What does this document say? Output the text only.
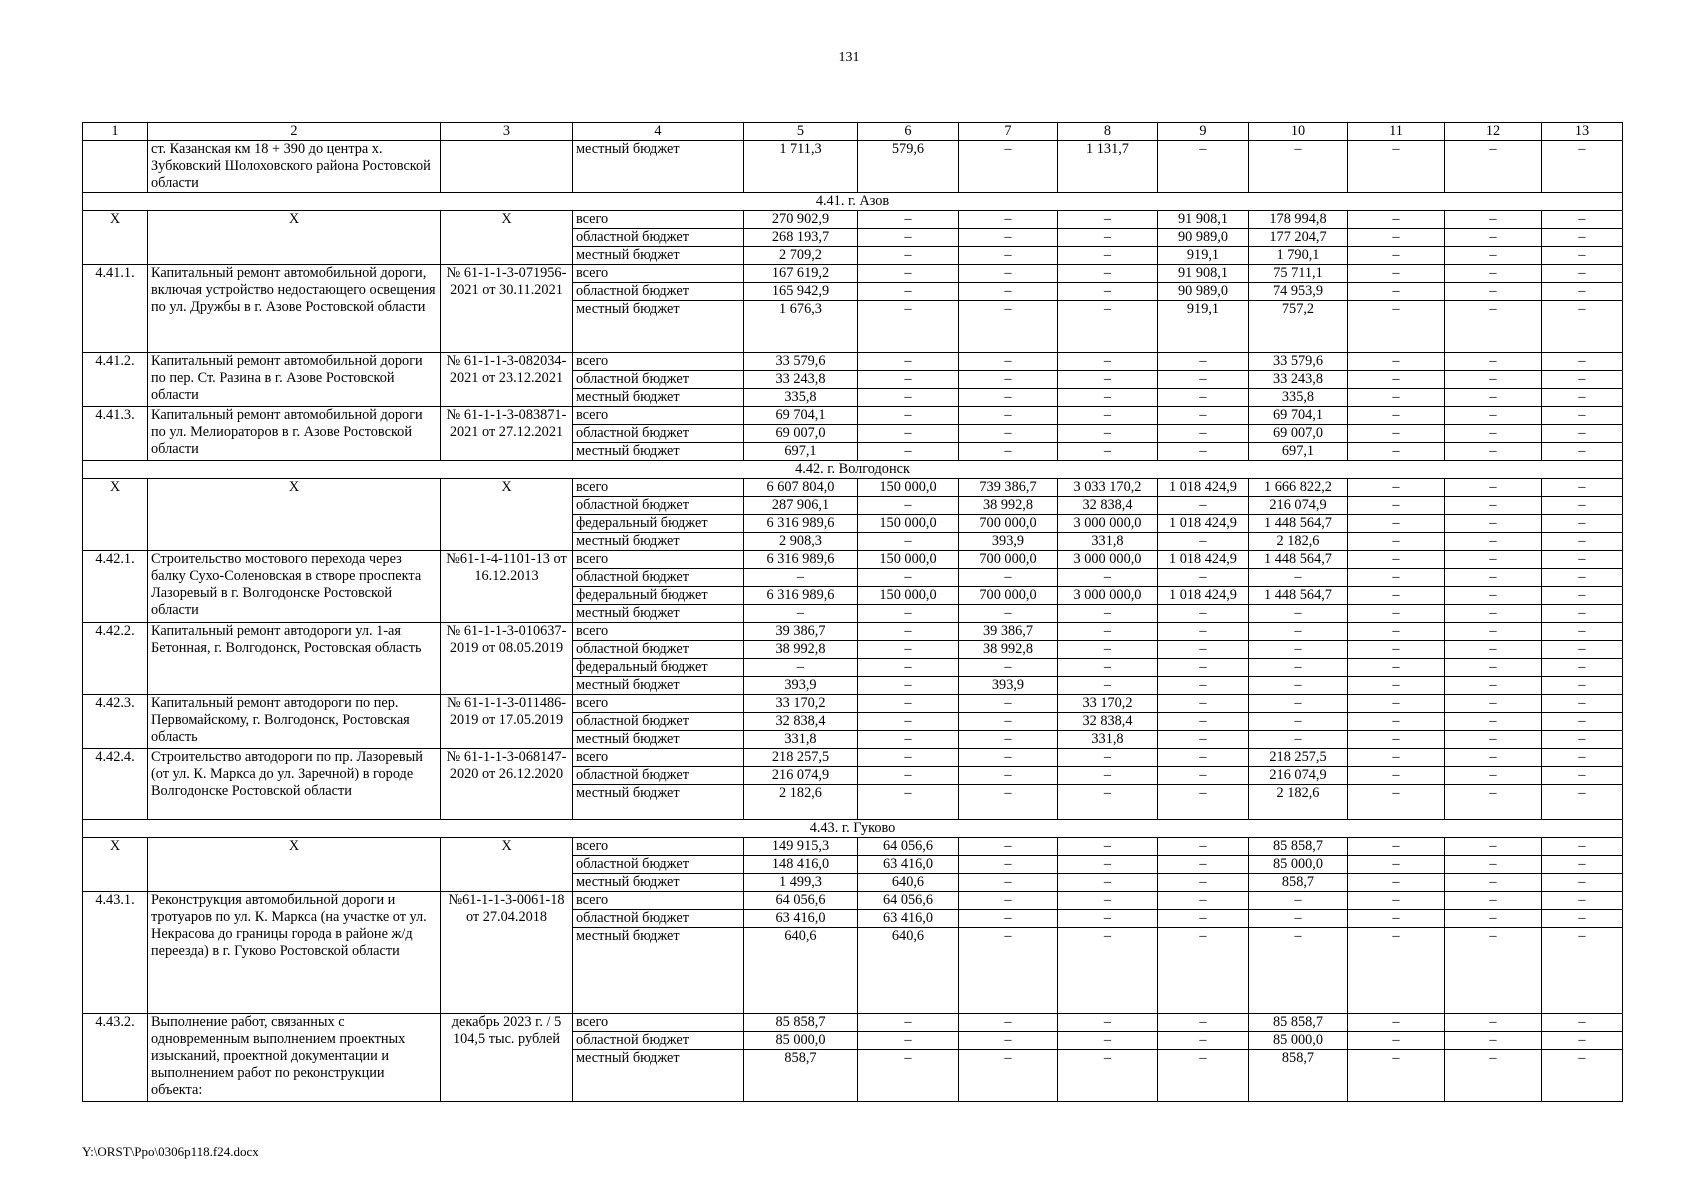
131
1	2	3	4	5	6	7	8	9	10	11	12	13
	ст. Казанская км 18 + 390 до центра х. Зубковский Шолоховского района Ростовской области		местный бюджет	1 711,3	579,6	–	1 131,7	–	–	–	–	–
4.41. г. Азов												
Х	Х	Х	всего	270 902,9	–	–	–	91 908,1	178 994,8	–	–	–
			областной бюджет	268 193,7	–	–	–	90 989,0	177 204,7	–	–	–
			местный бюджет	2 709,2	–	–	–	919,1	1 790,1	–	–	–
4.41.1.	Капитальный ремонт автомобильной дороги, включая устройство недостающего освещения по ул. Дружбы в г. Азове Ростовской области	№ 61-1-1-3-071956-2021 от 30.11.2021	всего	167 619,2	–	–	–	91 908,1	75 711,1	–	–	–
			областной бюджет	165 942,9	–	–	–	90 989,0	74 953,9	–	–	–
			местный бюджет	1 676,3	–	–	–	919,1	757,2	–	–	–
4.41.2.	Капитальный ремонт автомобильной дороги по пер. Ст. Разина в г. Азове Ростовской области	№ 61-1-1-3-082034-2021 от 23.12.2021	всего	33 579,6	–	–	–	–	33 579,6	–	–	–
			областной бюджет	33 243,8	–	–	–	–	33 243,8	–	–	–
			местный бюджет	335,8	–	–	–	–	335,8	–	–	–
4.41.3.	Капитальный ремонт автомобильной дороги по ул. Мелиораторов в г. Азове Ростовской области	№ 61-1-1-3-083871-2021 от 27.12.2021	всего	69 704,1	–	–	–	–	69 704,1	–	–	–
			областной бюджет	69 007,0	–	–	–	–	69 007,0	–	–	–
			местный бюджет	697,1	–	–	–	–	697,1	–	–	–
4.42. г. Волгодонск												
Х	Х	Х	всего	6 607 804,0	150 000,0	739 386,7	3 033 170,2	1 018 424,9	1 666 822,2	–	–	–
			областной бюджет	287 906,1	–	38 992,8	32 838,4	–	216 074,9	–	–	–
			федеральный бюджет	6 316 989,6	150 000,0	700 000,0	3 000 000,0	1 018 424,9	1 448 564,7	–	–	–
			местный бюджет	2 908,3	–	393,9	331,8	–	2 182,6	–	–	–
4.42.1.	Строительство мостового перехода через балку Сухо-Соленовская в створе проспекта Лазоревый в г. Волгодонске Ростовской области	№61-1-4-1101-13 от 16.12.2013	всего	6 316 989,6	150 000,0	700 000,0	3 000 000,0	1 018 424,9	1 448 564,7	–	–	–
			областной бюджет	–	–	–	–	–	–	–	–	–
			федеральный бюджет	6 316 989,6	150 000,0	700 000,0	3 000 000,0	1 018 424,9	1 448 564,7	–	–	–
			местный бюджет	–	–	–	–	–	–	–	–	–
4.42.2.	Капитальный ремонт автодороги ул. 1-ая Бетонная, г. Волгодонск, Ростовская область	№ 61-1-1-3-010637-2019 от 08.05.2019	всего	39 386,7	–	39 386,7	–	–	–	–	–	–
			областной бюджет	38 992,8	–	38 992,8	–	–	–	–	–	–
			федеральный бюджет	–	–	–	–	–	–	–	–	–
			местный бюджет	393,9	–	393,9	–	–	–	–	–	–
4.42.3.	Капитальный ремонт автодороги по пер. Первомайскому, г. Волгодонск, Ростовская область	№ 61-1-1-3-011486-2019 от 17.05.2019	всего	33 170,2	–	–	33 170,2	–	–	–	–	–
			областной бюджет	32 838,4	–	–	32 838,4	–	–	–	–	–
			местный бюджет	331,8	–	–	331,8	–	–	–	–	–
4.42.4.	Строительство автодороги по пр. Лазоревый (от ул. К. Маркса до ул. Заречной) в городе Волгодонске Ростовской области	№ 61-1-1-3-068147-2020 от 26.12.2020	всего	218 257,5	–	–	–	–	218 257,5	–	–	–
			областной бюджет	216 074,9	–	–	–	–	216 074,9	–	–	–
			местный бюджет	2 182,6	–	–	–	–	2 182,6	–	–	–
4.43. г. Гуково												
Х	Х	Х	всего	149 915,3	64 056,6	–	–	–	85 858,7	–	–	–
			областной бюджет	148 416,0	63 416,0	–	–	–	85 000,0	–	–	–
			местный бюджет	1 499,3	640,6	–	–	–	858,7	–	–	–
4.43.1.	Реконструкция автомобильной дороги и тротуаров по ул. К. Маркса (на участке от ул. Некрасова до границы города в районе ж/д переезда) в г. Гуково Ростовской области	№61-1-1-3-0061-18 от 27.04.2018	всего	64 056,6	64 056,6	–	–	–	–	–	–	–
			областной бюджет	63 416,0	63 416,0	–	–	–	–	–	–	–
			местный бюджет	640,6	640,6	–	–	–	–	–	–	–
4.43.2.	Выполнение работ, связанных с одновременным выполнением проектных изысканий, проектной документации и выполнением работ по реконструкции объекта:	декабрь 2023 г. / 5 104,5 тыс. рублей	всего	85 858,7	–	–	–	–	85 858,7	–	–	–
			областной бюджет	85 000,0	–	–	–	–	85 000,0	–	–	–
			местный бюджет	858,7	–	–	–	–	858,7	–	–	–
Y:\ORST\Ppo\0306p118.f24.docx
